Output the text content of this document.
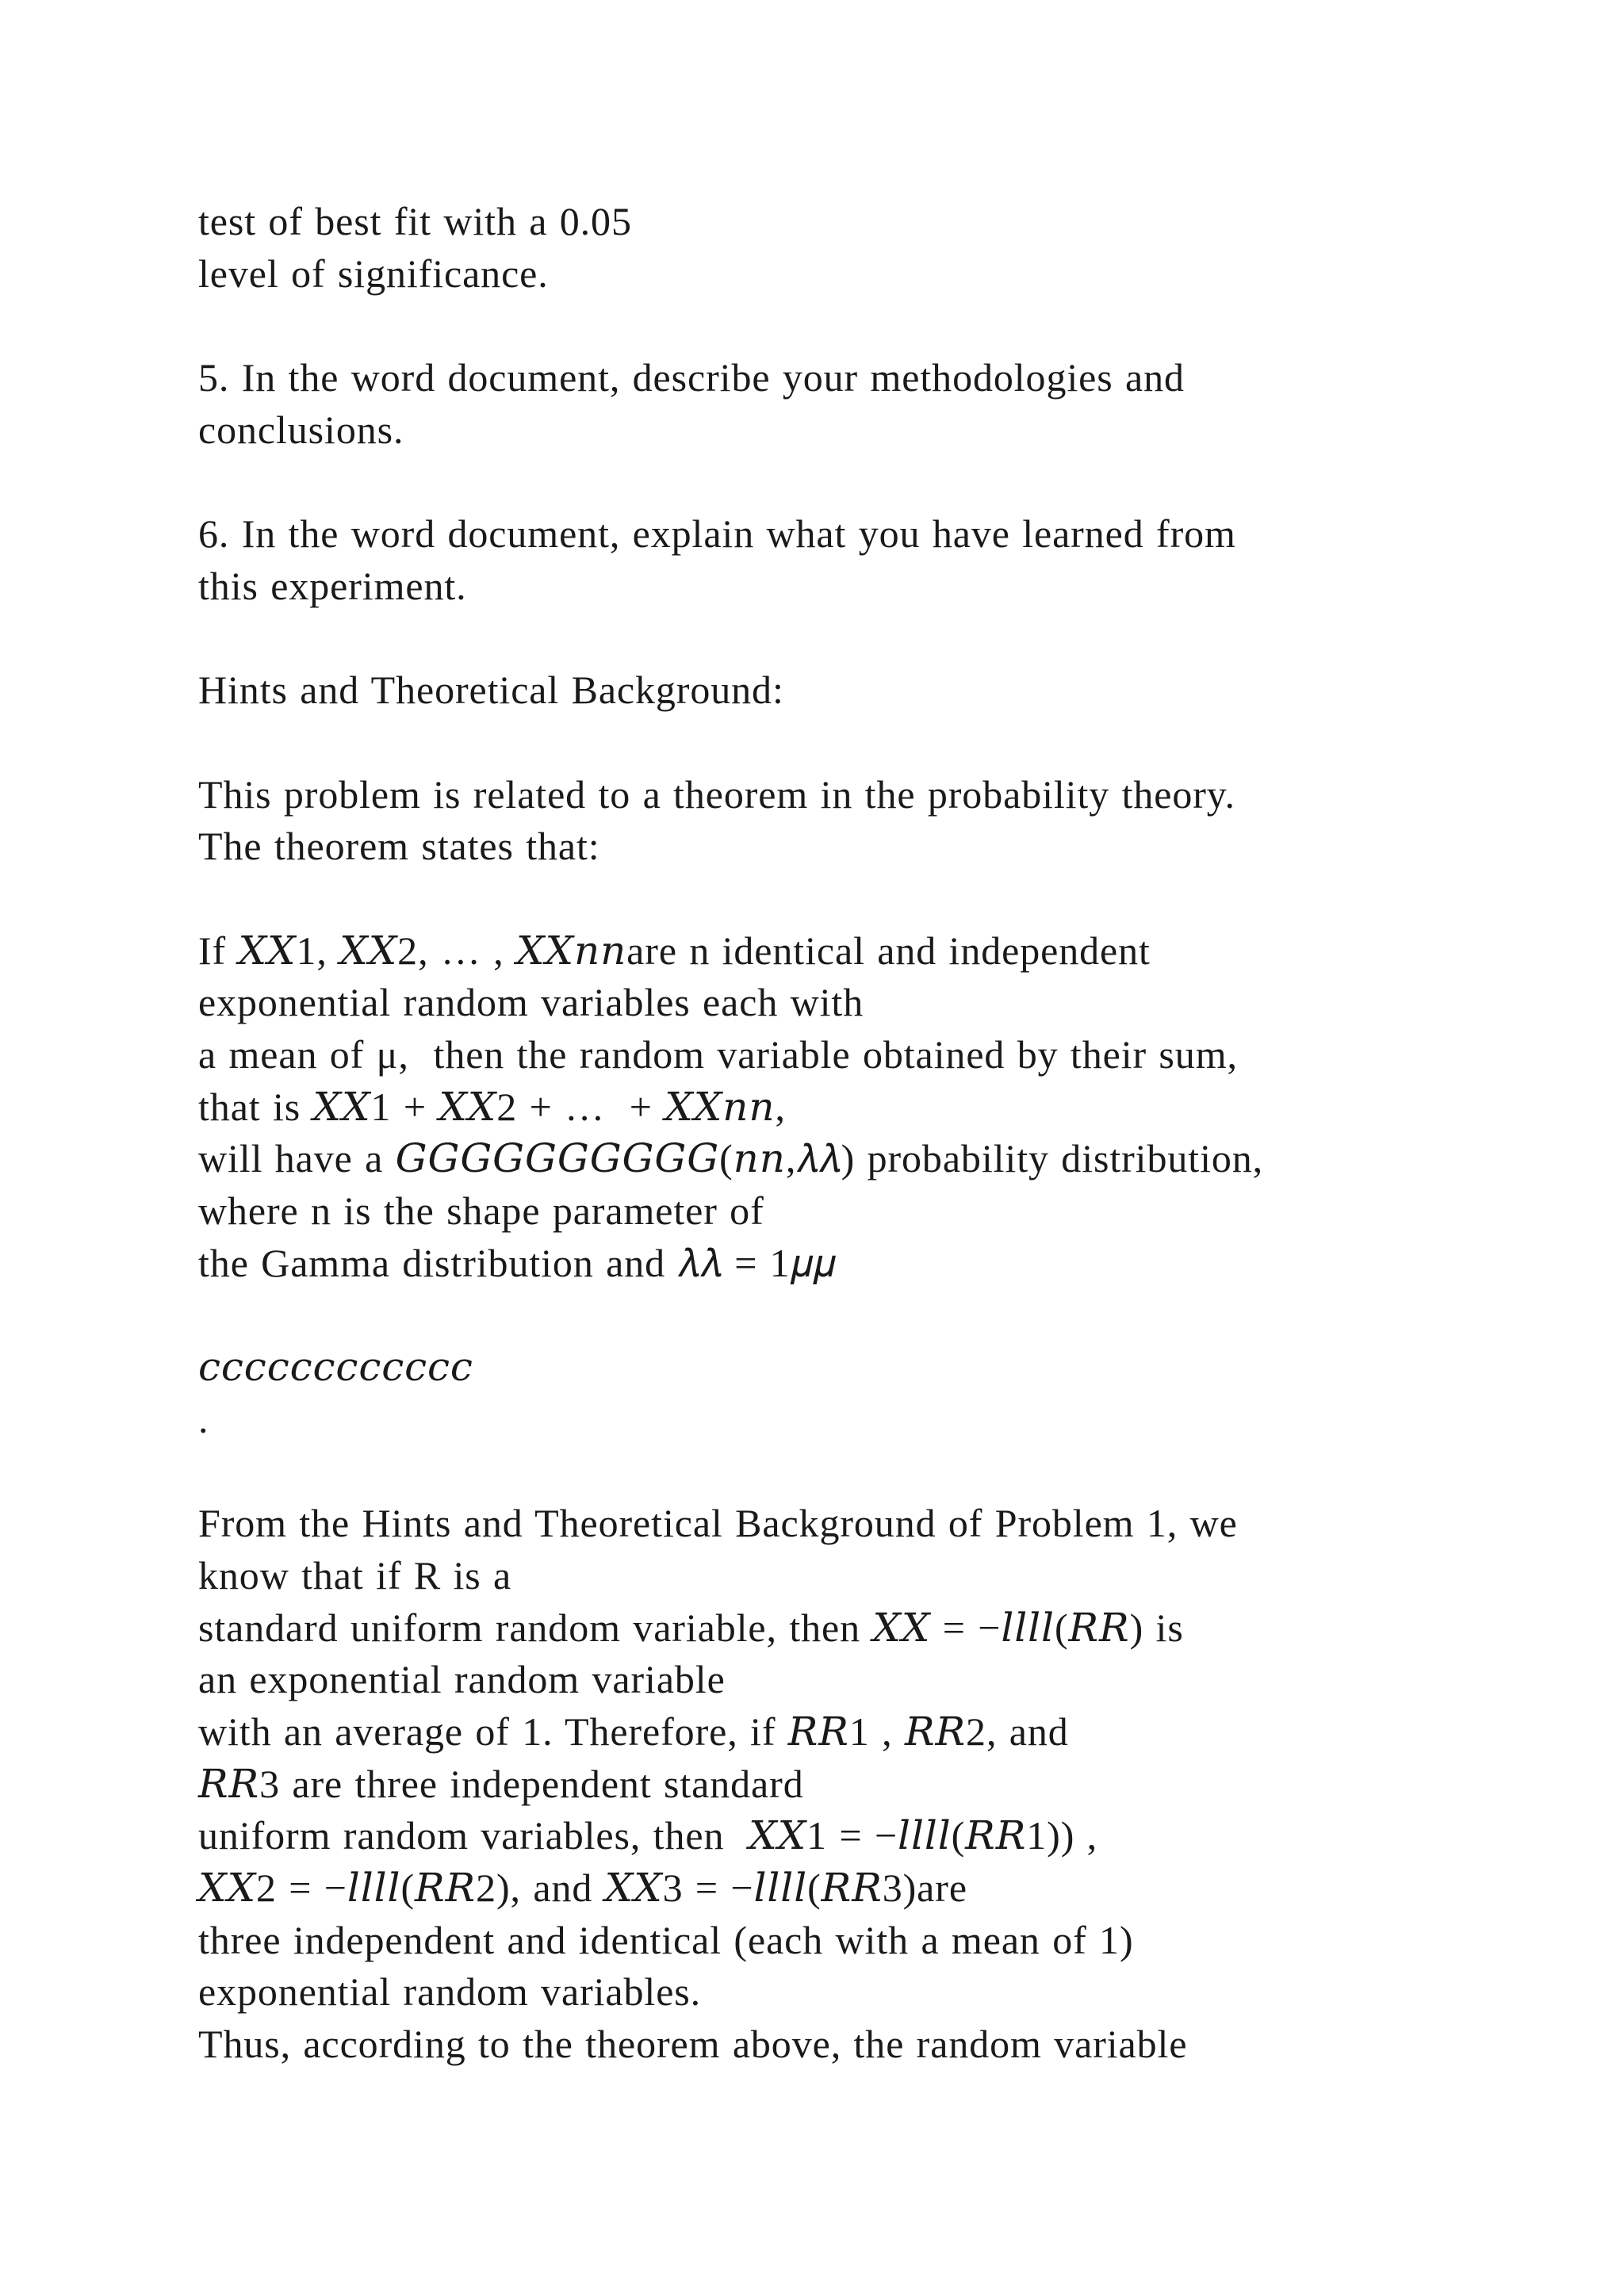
test of best fit with a 0.05
level of significance.
5. In the word document, describe your methodologies and
conclusions.
6. In the word document, explain what you have learned from
this experiment.
Hints and Theoretical Background:
This problem is related to a theorem in the probability theory.
The theorem states that:
If 𝑋𝑋1, 𝑋𝑋2, … , 𝑋𝑋𝑛𝑛are n identical and independent
exponential random variables each with
a mean of μ,  then the random variable obtained by their sum,
that is 𝑋𝑋1 + 𝑋𝑋2 + …  + 𝑋𝑋𝑛𝑛,
will have a 𝐺𝐺𝐺𝐺𝐺𝐺𝐺𝐺𝐺𝐺(𝑛𝑛,𝜆𝜆) probability distribution,
where n is the shape parameter of
the Gamma distribution and 𝜆𝜆 = 1𝜇𝜇
𝑐𝑐𝑐𝑐𝑐𝑐𝑐𝑐𝑐𝑐𝑐𝑐
.
From the Hints and Theoretical Background of Problem 1, we
know that if R is a
standard uniform random variable, then 𝑋𝑋 = −𝑙𝑙𝑙𝑙(𝑅𝑅) is
an exponential random variable
with an average of 1. Therefore, if 𝑅𝑅1 , 𝑅𝑅2, and
𝑅𝑅3 are three independent standard
uniform random variables, then  𝑋𝑋1 = −𝑙𝑙𝑙𝑙(𝑅𝑅1)) ,
𝑋𝑋2 = −𝑙𝑙𝑙𝑙(𝑅𝑅2), and 𝑋𝑋3 = −𝑙𝑙𝑙𝑙(𝑅𝑅3)are
three independent and identical (each with a mean of 1)
exponential random variables.
Thus, according to the theorem above, the random variable
